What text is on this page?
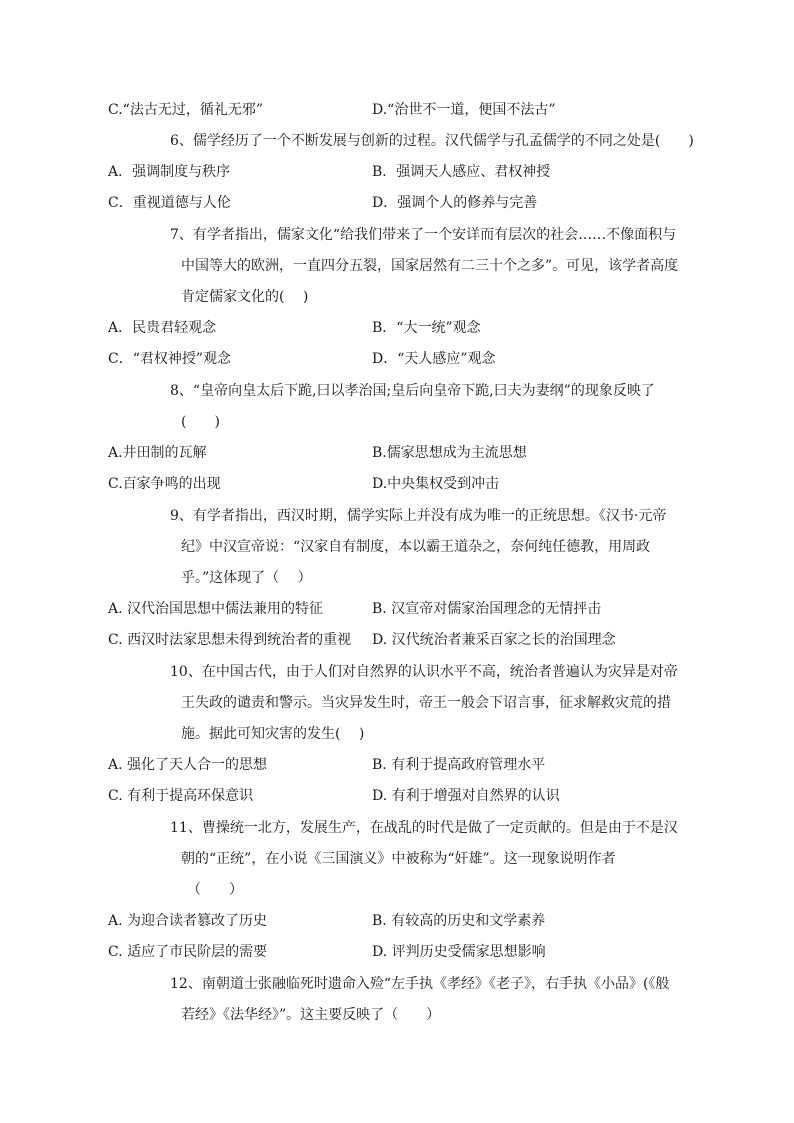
C.“法古无过，循礼无邪”	D.“治世不一道，便国不法古”
6、儒学经历了一个不断发展与创新的过程。汉代儒学与孔孟儒学的不同之处是(　　)
A．强调制度与秩序	B．强调天人感应、君权神授
C．重视道德与人伦	D．强调个人的修养与完善
7、有学者指出，儒家文化“给我们带来了一个安详而有层次的社会……不像面积与
中国等大的欧洲，一直四分五裂，国家居然有二三十个之多”。可见，该学者高度
肯定儒家文化的(　 )
A．民贵君轻观念	B．“大一统”观念
C．“君权神授”观念	D．“天人感应”观念
8、“皇帝向皇太后下跪,曰以孝治国;皇后向皇帝下跪,曰夫为妻纲”的现象反映了
(　　)
A.井田制的瓦解	B.儒家思想成为主流思想
C.百家争鸣的出现	D.中央集权受到冲击
9、有学者指出，西汉时期，儒学实际上并没有成为唯一的正统思想。《汉书·元帝
纪》中汉宣帝说：“汉家自有制度，本以霸王道杂之，奈何纯任德教，用周政
乎。”这体现了（　 ）
A. 汉代治国思想中儒法兼用的特征	B. 汉宣帝对儒家治国理念的无情抨击
C. 西汉时法家思想未得到统治者的重视 D. 汉代统治者兼采百家之长的治国理念
10、在中国古代，由于人们对自然界的认识水平不高，统治者普遍认为灾异是对帝
王失政的谴责和警示。当灾异发生时，帝王一般会下诏言事，征求解救灾荒的措
施。据此可知灾害的发生(　 )
A. 强化了天人合一的思想	B. 有利于提高政府管理水平
C. 有利于提高环保意识	D. 有利于增强对自然界的认识
11、曹操统一北方，发展生产，在战乱的时代是做了一定贡献的。但是由于不是汉
朝的“正统”，在小说《三国演义》中被称为“奸雄”。这一现象说明作者
（　　）
A. 为迎合读者篡改了历史	B. 有较高的历史和文学素养
C. 适应了市民阶层的需要	D. 评判历史受儒家思想影响
12、南朝道士张融临死时遗命入殓“左手执《孝经》《老子》，右手执《小品》(《般
若经》《法华经》”。这主要反映了（　　）
